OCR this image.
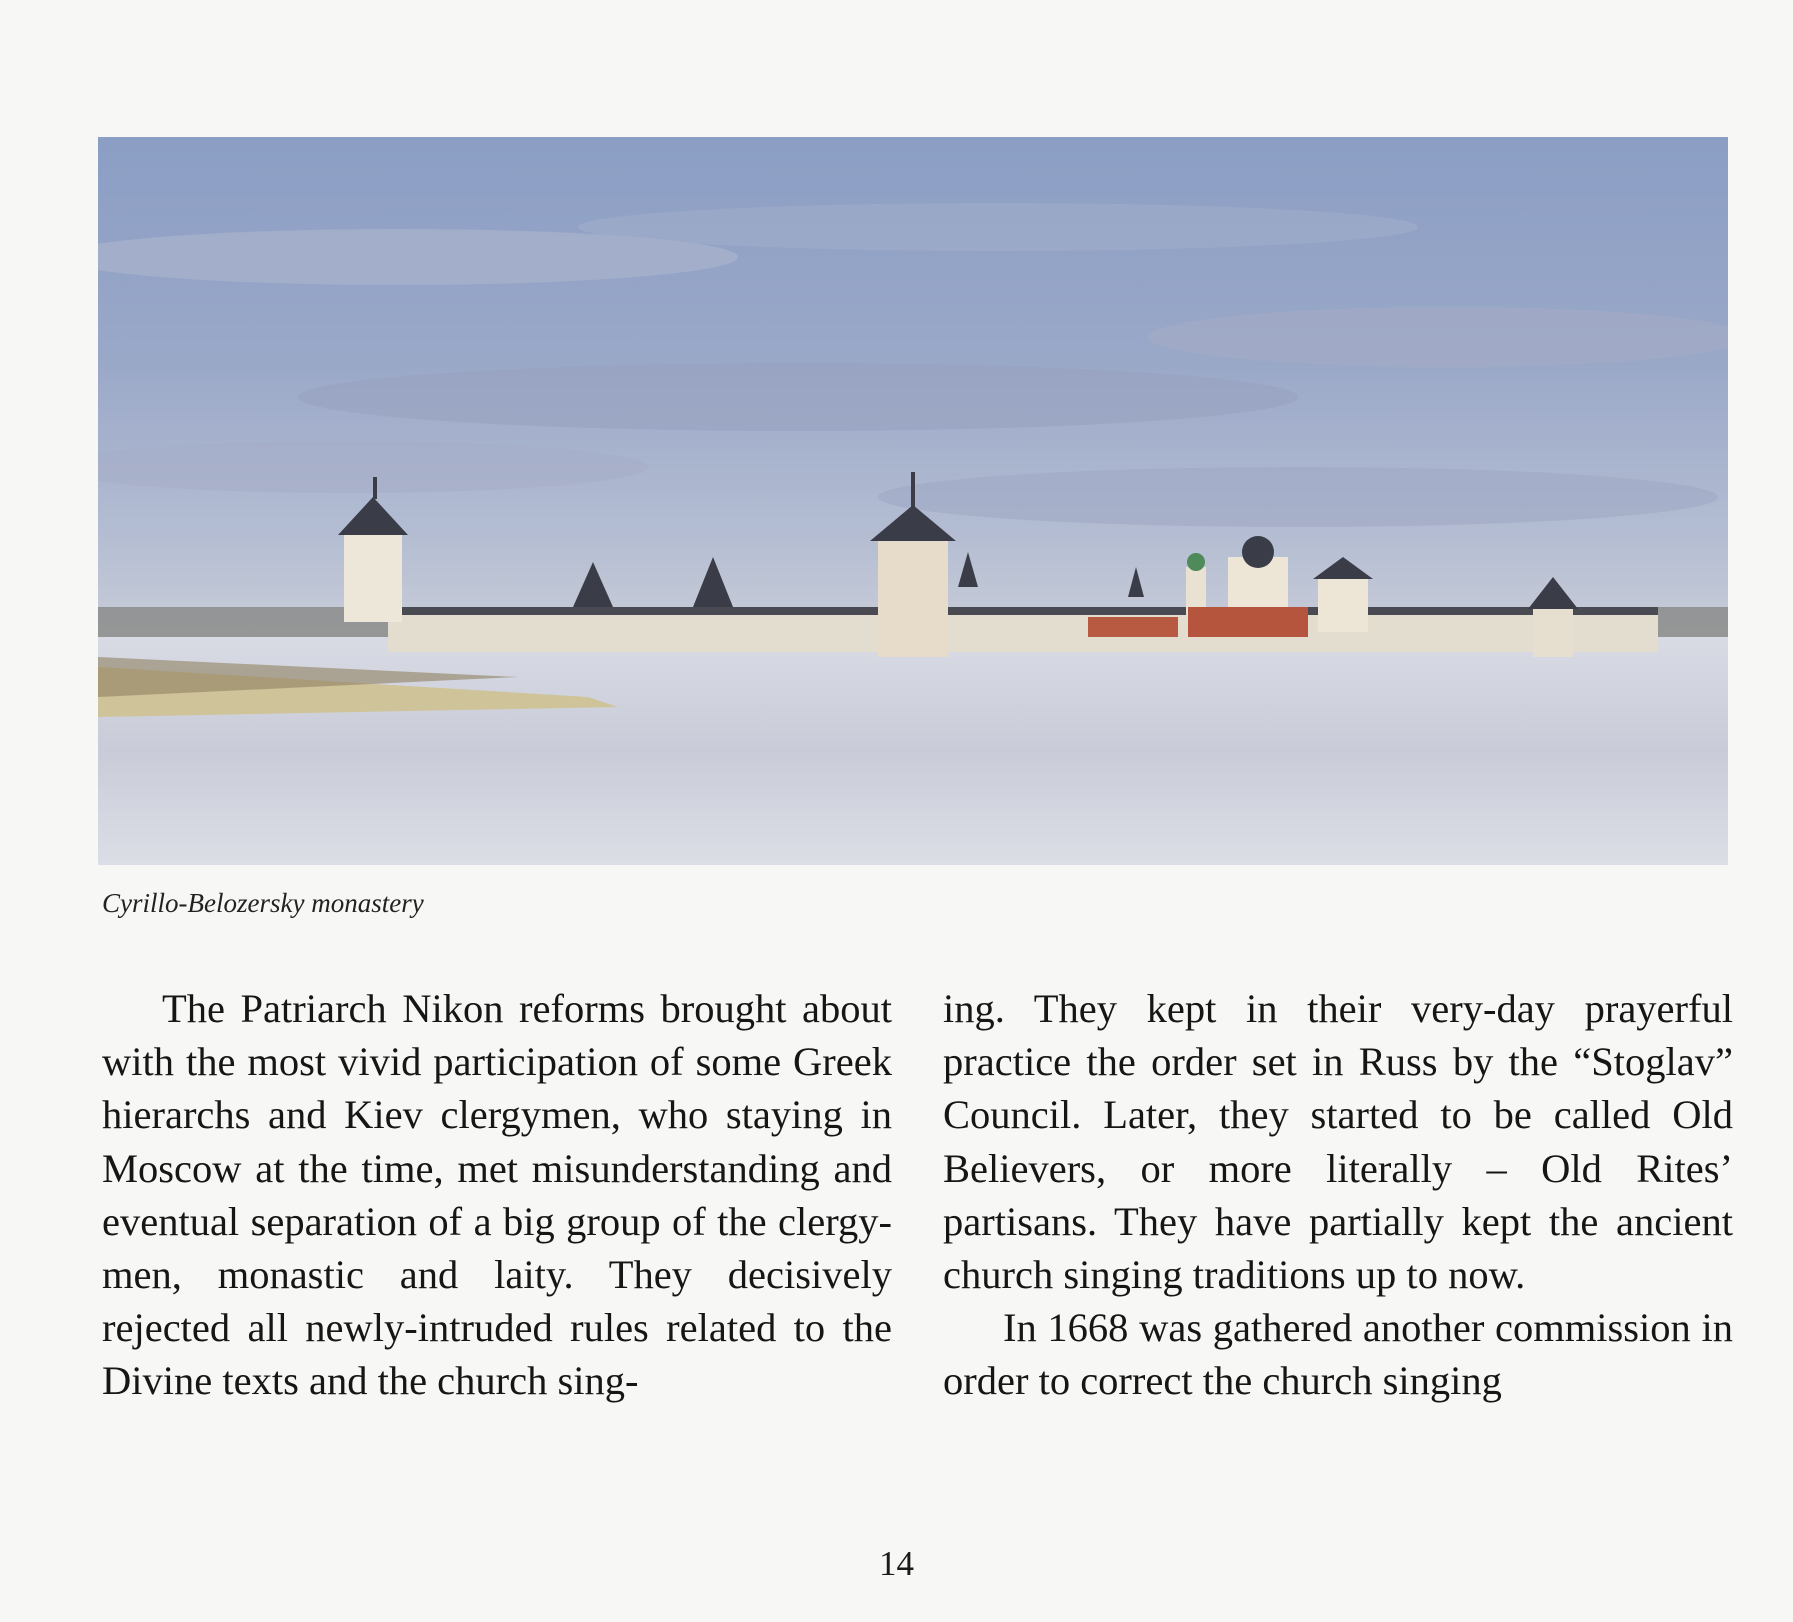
Cyrillo-Belozersky monastery

The Patriarch Nikon reforms brought about with the most vivid participation of some Greek hierarchs and Kiev clergymen, who staying in Moscow at the time, met misunderstanding and eventual separation of a big group of the clergymen, monastic and laity. They decisively rejected all newly-intruded rules related to the Divine texts and the church sing-

ing. They kept in their very-day prayerful practice the order set in Russ by the “Stoglav” Council. Later, they started to be called Old Believers, or more literally – Old Rites’ partisans. They have partially kept the ancient church singing traditions up to now.

In 1668 was gathered another commission in order to correct the church singing

14
